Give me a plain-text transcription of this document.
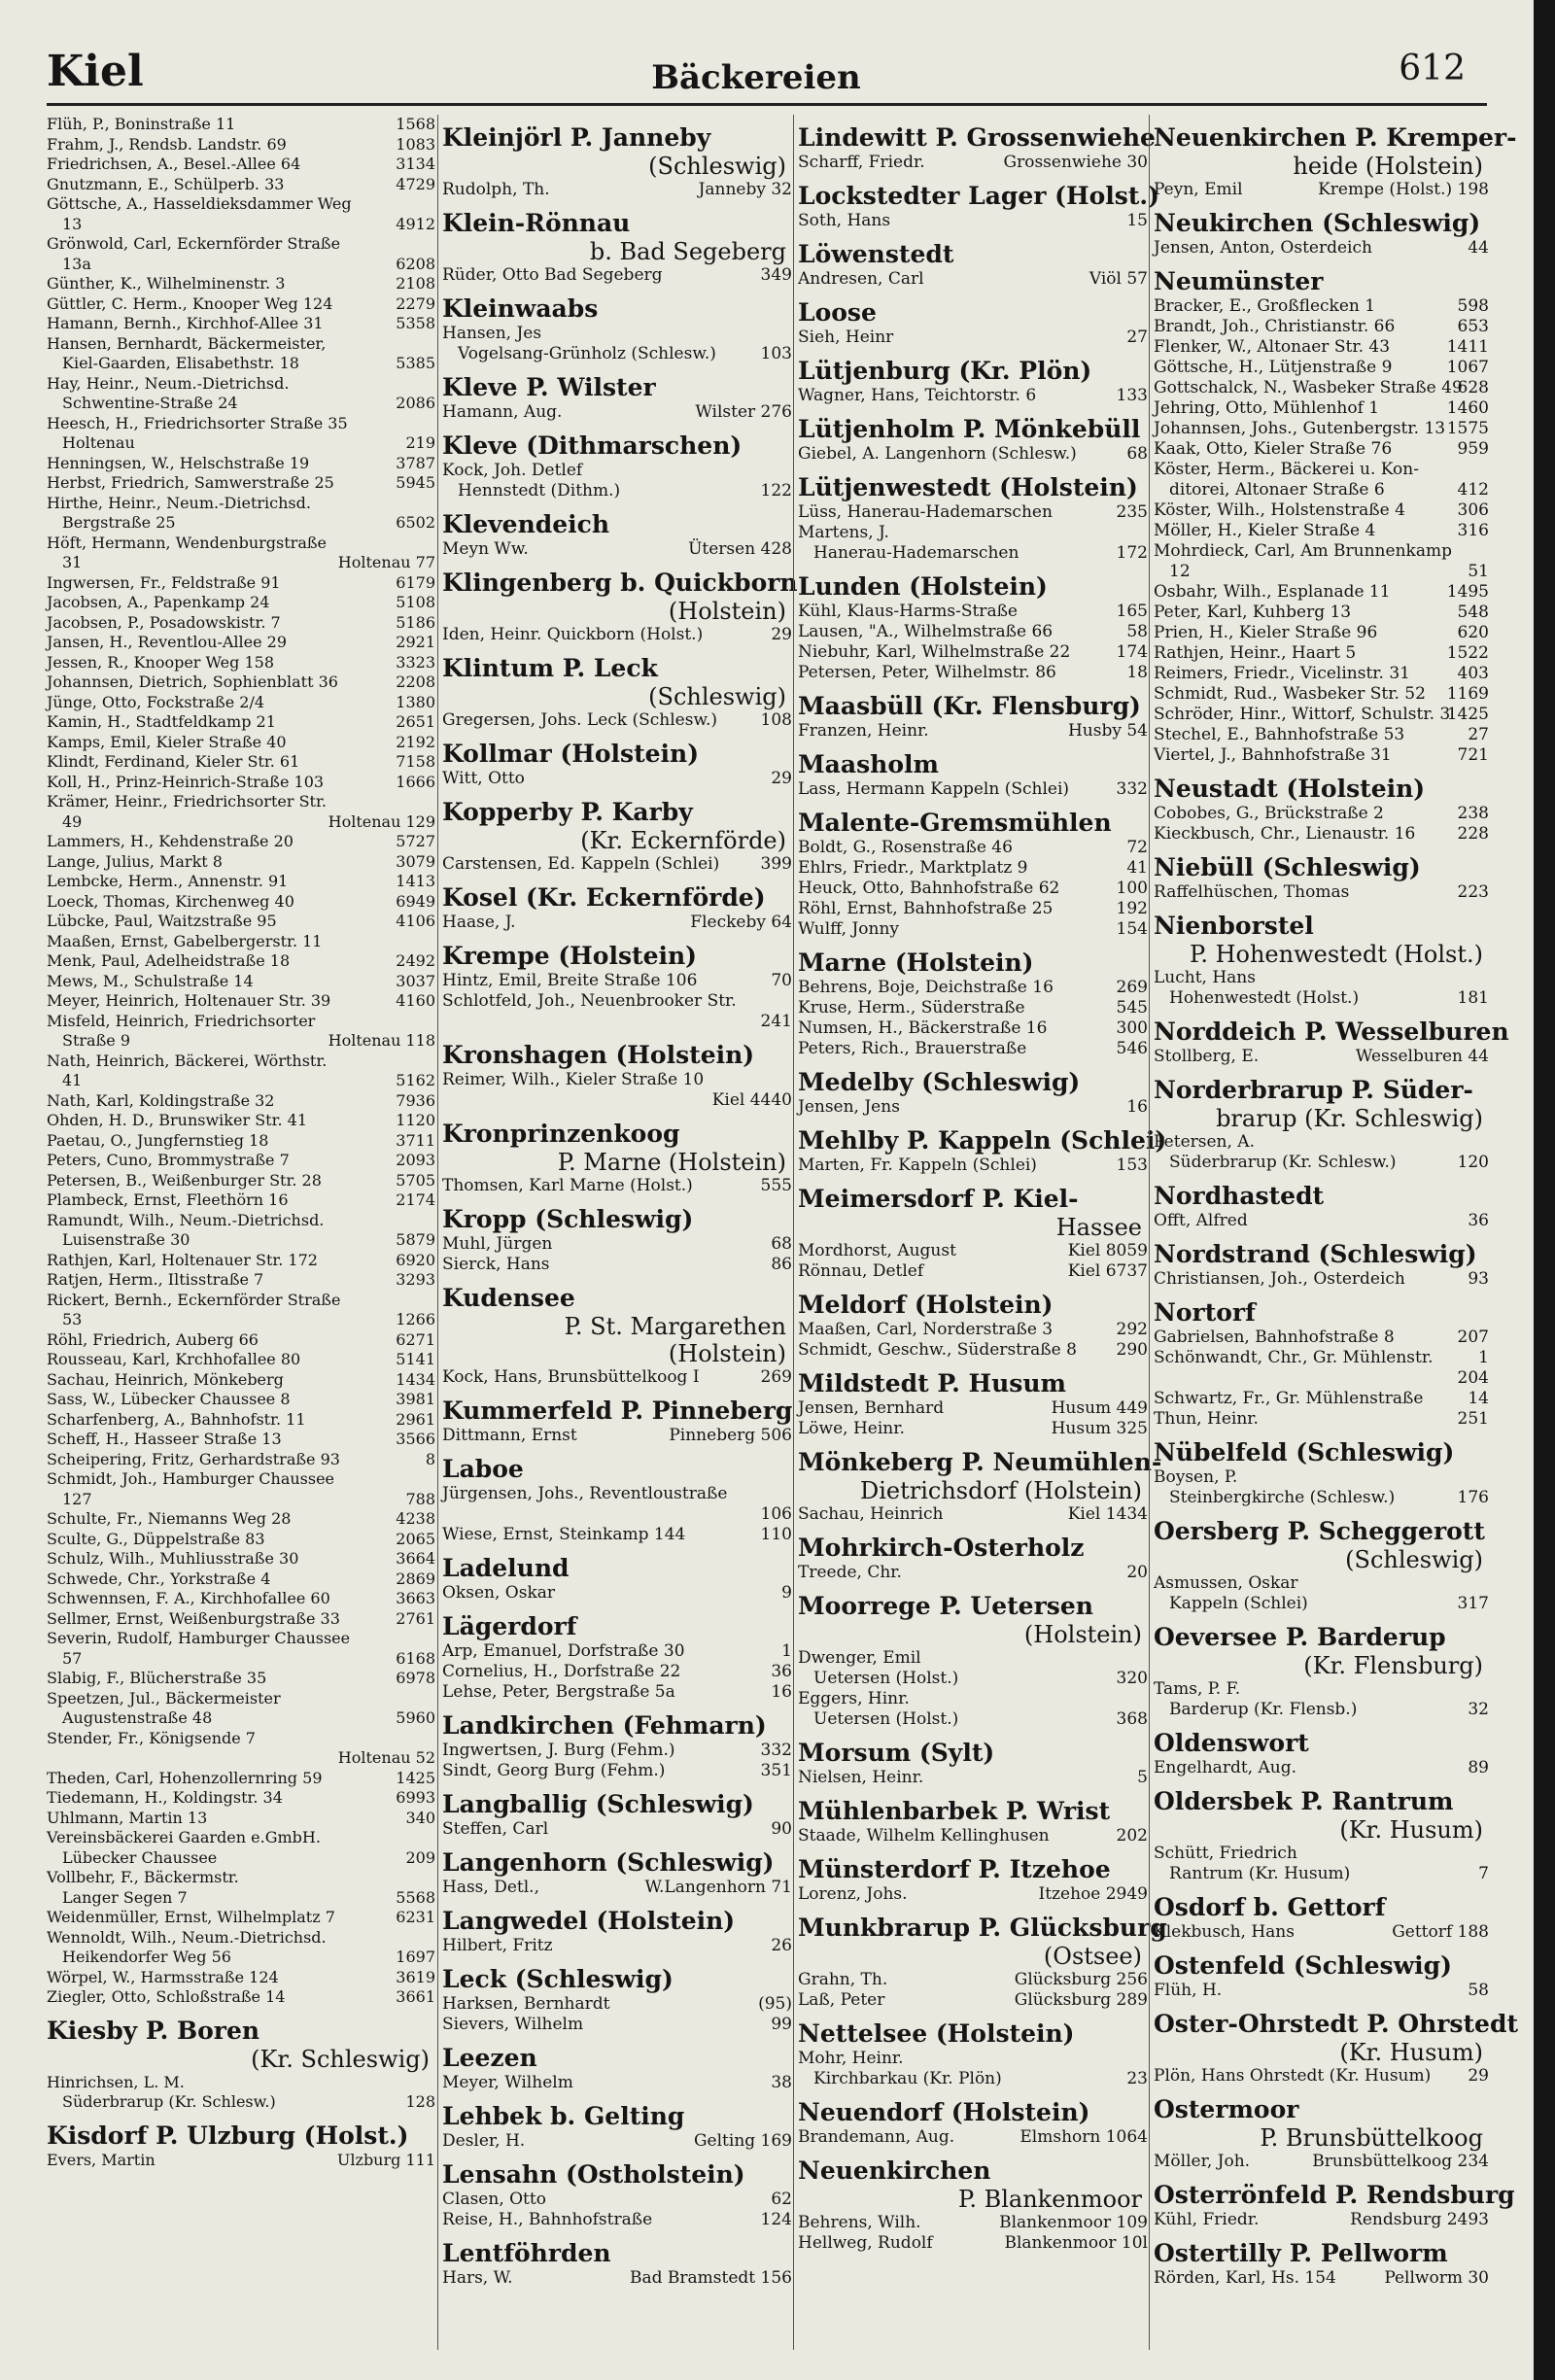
Kiel	Bäckereien	612
1568
Flüh, P., Boninstraße 11
1083
Frahm, J., Rendsb. Landstr. 69
3134
Friedrichsen, A., Besel.-Allee 64
4729
Gnutzmann, E., Schülperb. 33
Göttsche, A., Hasseldieksdammer Weg
4912
13
Grönwold, Carl, Eckernförder Straße
6208
13a
2108
Günther, K., Wilhelminenstr. 3
2279
Güttler, C. Herm., Knooper Weg 124
5358
Hamann, Bernh., Kirchhof-Allee 31
Hansen, Bernhardt, Bäckermeister,
5385
Kiel-Gaarden, Elisabethstr. 18
Hay, Heinr., Neum.-Dietrichsd.
2086
Schwentine-Straße 24
Heesch, H., Friedrichsorter Straße 35
219
Holtenau
3787
Henningsen, W., Helschstraße 19
5945
Herbst, Friedrich, Samwerstraße 25
Hirthe, Heinr., Neum.-Dietrichsd.
6502
Bergstraße 25
Höft, Hermann, Wendenburgstraße
Holtenau 77
31
6179
Ingwersen, Fr., Feldstraße 91
5108
Jacobsen, A., Papenkamp 24
5186
Jacobsen, P., Posadowskistr. 7
2921
Jansen, H., Reventlou-Allee 29
3323
Jessen, R., Knooper Weg 158
2208
Johannsen, Dietrich, Sophienblatt 36
1380
Jünge, Otto, Fockstraße 2/4
2651
Kamin, H., Stadtfeldkamp 21
2192
Kamps, Emil, Kieler Straße 40
7158
Klindt, Ferdinand, Kieler Str. 61
1666
Koll, H., Prinz-Heinrich-Straße 103
Krämer, Heinr., Friedrichsorter Str.
Holtenau 129
49
5727
Lammers, H., Kehdenstraße 20
3079
Lange, Julius, Markt 8
1413
Lembcke, Herm., Annenstr. 91
6949
Loeck, Thomas, Kirchenweg 40
4106
Lübcke, Paul, Waitzstraße 95
Maaßen, Ernst, Gabelbergerstr. 11
2492
Menk, Paul, Adelheidstraße 18
3037
Mews, M., Schulstraße 14
4160
Meyer, Heinrich, Holtenauer Str. 39
Misfeld, Heinrich, Friedrichsorter
Holtenau 118
Straße 9
Nath, Heinrich, Bäckerei, Wörthstr.
5162
41
7936
Nath, Karl, Koldingstraße 32
1120
Ohden, H. D., Brunswiker Str. 41
3711
Paetau, O., Jungfernstieg 18
2093
Peters, Cuno, Brommystraße 7
5705
Petersen, B., Weißenburger Str. 28
2174
Plambeck, Ernst, Fleethörn 16
Ramundt, Wilh., Neum.-Dietrichsd.
5879
Luisenstraße 30
6920
Rathjen, Karl, Holtenauer Str. 172
3293
Ratjen, Herm., Iltisstraße 7
Rickert, Bernh., Eckernförder Straße
1266
53
6271
Röhl, Friedrich, Auberg 66
5141
Rousseau, Karl, Krchhofallee 80
1434
Sachau, Heinrich, Mönkeberg
3981
Sass, W., Lübecker Chaussee 8
2961
Scharfenberg, A., Bahnhofstr. 11
3566
Scheff, H., Hasseer Straße 13
8
Scheipering, Fritz, Gerhardstraße 93
Schmidt, Joh., Hamburger Chaussee
788
127
4238
Schulte, Fr., Niemanns Weg 28
2065
Sculte, G., Düppelstraße 83
3664
Schulz, Wilh., Muhliusstraße 30
2869
Schwede, Chr., Yorkstraße 4
3663
Schwennsen, F. A., Kirchhofallee 60
2761
Sellmer, Ernst, Weißenburgstraße 33
Severin, Rudolf, Hamburger Chaussee
6168
57
6978
Slabig, F., Blücherstraße 35
Speetzen, Jul., Bäckermeister
5960
Augustenstraße 48
Stender, Fr., Königsende 7
Holtenau 52
1425
Theden, Carl, Hohenzollernring 59
6993
Tiedemann, H., Koldingstr. 34
340
Uhlmann, Martin 13
Vereinsbäckerei Gaarden e.GmbH.
209
Lübecker Chaussee
Vollbehr, F., Bäckermstr.
5568
Langer Segen 7
6231
Weidenmüller, Ernst, Wilhelmplatz 7
Wennoldt, Wilh., Neum.-Dietrichsd.
1697
Heikendorfer Weg 56
3619
Wörpel, W., Harmsstraße 124
3661
Ziegler, Otto, Schloßstraße 14
Kiesby P. Boren
(Kr. Schleswig)
Hinrichsen, L. M.
128
Süderbrarup (Kr. Schlesw.)
Kisdorf P. Ulzburg (Holst.)
Ulzburg 111
Evers, Martin
Kleinjörl P. Janneby
(Schleswig)
Janneby 32
Rudolph, Th.
Klein-Rönnau
b. Bad Segeberg
349
Rüder, Otto Bad Segeberg
Kleinwaabs
Hansen, Jes
103
Vogelsang-Grünholz (Schlesw.)
Kleve P. Wilster
Wilster 276
Hamann, Aug.
Kleve (Dithmarschen)
Kock, Joh. Detlef
122
Hennstedt (Dithm.)
Klevendeich
Ütersen 428
Meyn Ww.
Klingenberg b. Quickborn
(Holstein)
29
Iden, Heinr. Quickborn (Holst.)
Klintum P. Leck
(Schleswig)
108
Gregersen, Johs. Leck (Schlesw.)
Kollmar (Holstein)
29
Witt, Otto
Kopperby P. Karby
(Kr. Eckernförde)
399
Carstensen, Ed. Kappeln (Schlei)
Kosel (Kr. Eckernförde)
Fleckeby 64
Haase, J.
Krempe (Holstein)
70
Hintz, Emil, Breite Straße 106
Schlotfeld, Joh., Neuenbrooker Str.
241
Kronshagen (Holstein)
Reimer, Wilh., Kieler Straße 10
Kiel 4440
Kronprinzenkoog
P. Marne (Holstein)
555
Thomsen, Karl Marne (Holst.)
Kropp (Schleswig)
68
Muhl, Jürgen
86
Sierck, Hans
Kudensee
P. St. Margarethen
(Holstein)
269
Kock, Hans, Brunsbüttelkoog I
Kummerfeld P. Pinneberg
Pinneberg 506
Dittmann, Ernst
Laboe
Jürgensen, Johs., Reventloustraße
106
110
Wiese, Ernst, Steinkamp 144
Ladelund
9
Oksen, Oskar
Lägerdorf
1
Arp, Emanuel, Dorfstraße 30
36
Cornelius, H., Dorfstraße 22
16
Lehse, Peter, Bergstraße 5a
Landkirchen (Fehmarn)
332
Ingwertsen, J. Burg (Fehm.)
351
Sindt, Georg Burg (Fehm.)
Langballig (Schleswig)
90
Steffen, Carl
Langenhorn (Schleswig)
W.Langenhorn 71
Hass, Detl.,
Langwedel (Holstein)
26
Hilbert, Fritz
Leck (Schleswig)
(95)
Harksen, Bernhardt
99
Sievers, Wilhelm
Leezen
38
Meyer, Wilhelm
Lehbek b. Gelting
Gelting 169
Desler, H.
Lensahn (Ostholstein)
62
Clasen, Otto
124
Reise, H., Bahnhofstraße
Lentföhrden
Bad Bramstedt 156
Hars, W.
Lindewitt P. Grossenwiehe
Grossenwiehe 30
Scharff, Friedr.
Lockstedter Lager (Holst.)
15
Soth, Hans
Löwenstedt
Viöl 57
Andresen, Carl
Loose
27
Sieh, Heinr
Lütjenburg (Kr. Plön)
133
Wagner, Hans, Teichtorstr. 6
Lütjenholm P. Mönkebüll
68
Giebel, A. Langenhorn (Schlesw.)
Lütjenwestedt (Holstein)
235
Lüss, Hanerau-Hademarschen
Martens, J.
172
Hanerau-Hademarschen
Lunden (Holstein)
165
Kühl, Klaus-Harms-Straße
58
Lausen, "A., Wilhelmstraße 66
174
Niebuhr, Karl, Wilhelmstraße 22
18
Petersen, Peter, Wilhelmstr. 86
Maasbüll (Kr. Flensburg)
Husby 54
Franzen, Heinr.
Maasholm
332
Lass, Hermann Kappeln (Schlei)
Malente-Gremsmühlen
72
Boldt, G., Rosenstraße 46
41
Ehlrs, Friedr., Marktplatz 9
100
Heuck, Otto, Bahnhofstraße 62
192
Röhl, Ernst, Bahnhofstraße 25
154
Wulff, Jonny
Marne (Holstein)
269
Behrens, Boje, Deichstraße 16
545
Kruse, Herm., Süderstraße
300
Numsen, H., Bäckerstraße 16
546
Peters, Rich., Brauerstraße
Medelby (Schleswig)
16
Jensen, Jens
Mehlby P. Kappeln (Schlei)
153
Marten, Fr. Kappeln (Schlei)
Meimersdorf P. Kiel-
Hassee
Kiel 8059
Mordhorst, August
Kiel 6737
Rönnau, Detlef
Meldorf (Holstein)
292
Maaßen, Carl, Norderstraße 3
290
Schmidt, Geschw., Süderstraße 8
Mildstedt P. Husum
Husum 449
Jensen, Bernhard
Husum 325
Löwe, Heinr.
Mönkeberg P. Neumühlen-
Dietrichsdorf (Holstein)
Kiel 1434
Sachau, Heinrich
Mohrkirch-Osterholz
20
Treede, Chr.
Moorrege P. Uetersen
(Holstein)
Dwenger, Emil
320
Uetersen (Holst.)
Eggers, Hinr.
368
Uetersen (Holst.)
Morsum (Sylt)
5
Nielsen, Heinr.
Mühlenbarbek P. Wrist
202
Staade, Wilhelm Kellinghusen
Münsterdorf P. Itzehoe
Itzehoe 2949
Lorenz, Johs.
Munkbrarup P. Glücksburg
(Ostsee)
Glücksburg 256
Grahn, Th.
Glücksburg 289
Laß, Peter
Nettelsee (Holstein)
Mohr, Heinr.
23
Kirchbarkau (Kr. Plön)
Neuendorf (Holstein)
Elmshorn 1064
Brandemann, Aug.
Neuenkirchen
P. Blankenmoor
Blankenmoor 109
Behrens, Wilh.
Blankenmoor 10l
Hellweg, Rudolf
Neuenkirchen P. Kremper-
heide (Holstein)
Krempe (Holst.) 198
Peyn, Emil
Neukirchen (Schleswig)
44
Jensen, Anton, Osterdeich
Neumünster
598
Bracker, E., Großflecken 1
653
Brandt, Joh., Christianstr. 66
1411
Flenker, W., Altonaer Str. 43
1067
Göttsche, H., Lütjenstraße 9
628
Gottschalck, N., Wasbeker Straße 49
1460
Jehring, Otto, Mühlenhof 1
1575
Johannsen, Johs., Gutenbergstr. 13
959
Kaak, Otto, Kieler Straße 76
Köster, Herm., Bäckerei u. Kon-
412
ditorei, Altonaer Straße 6
306
Köster, Wilh., Holstenstraße 4
316
Möller, H., Kieler Straße 4
Mohrdieck, Carl, Am Brunnenkamp
51
12
1495
Osbahr, Wilh., Esplanade 11
548
Peter, Karl, Kuhberg 13
620
Prien, H., Kieler Straße 96
1522
Rathjen, Heinr., Haart 5
403
Reimers, Friedr., Vicelinstr. 31
1169
Schmidt, Rud., Wasbeker Str. 52
1425
Schröder, Hinr., Wittorf, Schulstr. 3
27
Stechel, E., Bahnhofstraße 53
721
Viertel, J., Bahnhofstraße 31
Neustadt (Holstein)
238
Cobobes, G., Brückstraße 2
228
Kieckbusch, Chr., Lienaustr. 16
Niebüll (Schleswig)
223
Raffelhüschen, Thomas
Nienborstel
P. Hohenwestedt (Holst.)
Lucht, Hans
181
Hohenwestedt (Holst.)
Norddeich P. Wesselburen
Wesselburen 44
Stollberg, E.
Norderbrarup P. Süder-
brarup (Kr. Schleswig)
Petersen, A.
120
Süderbrarup (Kr. Schlesw.)
Nordhastedt
36
Offt, Alfred
Nordstrand (Schleswig)
93
Christiansen, Joh., Osterdeich
Nortorf
207
Gabrielsen, Bahnhofstraße 8
1
Schönwandt, Chr., Gr. Mühlenstr.
204
14
Schwartz, Fr., Gr. Mühlenstraße
251
Thun, Heinr.
Nübelfeld (Schleswig)
Boysen, P.
176
Steinbergkirche (Schlesw.)
Oersberg P. Scheggerott
(Schleswig)
Asmussen, Oskar
317
Kappeln (Schlei)
Oeversee P. Barderup
(Kr. Flensburg)
Tams, P. F.
32
Barderup (Kr. Flensb.)
Oldenswort
89
Engelhardt, Aug.
Oldersbek P. Rantrum
(Kr. Husum)
Schütt, Friedrich
7
Rantrum (Kr. Husum)
Osdorf b. Gettorf
Gettorf 188
Klekbusch, Hans
Ostenfeld (Schleswig)
58
Flüh, H.
Oster-Ohrstedt P. Ohrstedt
(Kr. Husum)
29
Plön, Hans Ohrstedt (Kr. Husum)
Ostermoor
P. Brunsbüttelkoog
Brunsbüttelkoog 234
Möller, Joh.
Osterrönfeld P. Rendsburg
Rendsburg 2493
Kühl, Friedr.
Ostertilly P. Pellworm
Pellworm 30
Rörden, Karl, Hs. 154
